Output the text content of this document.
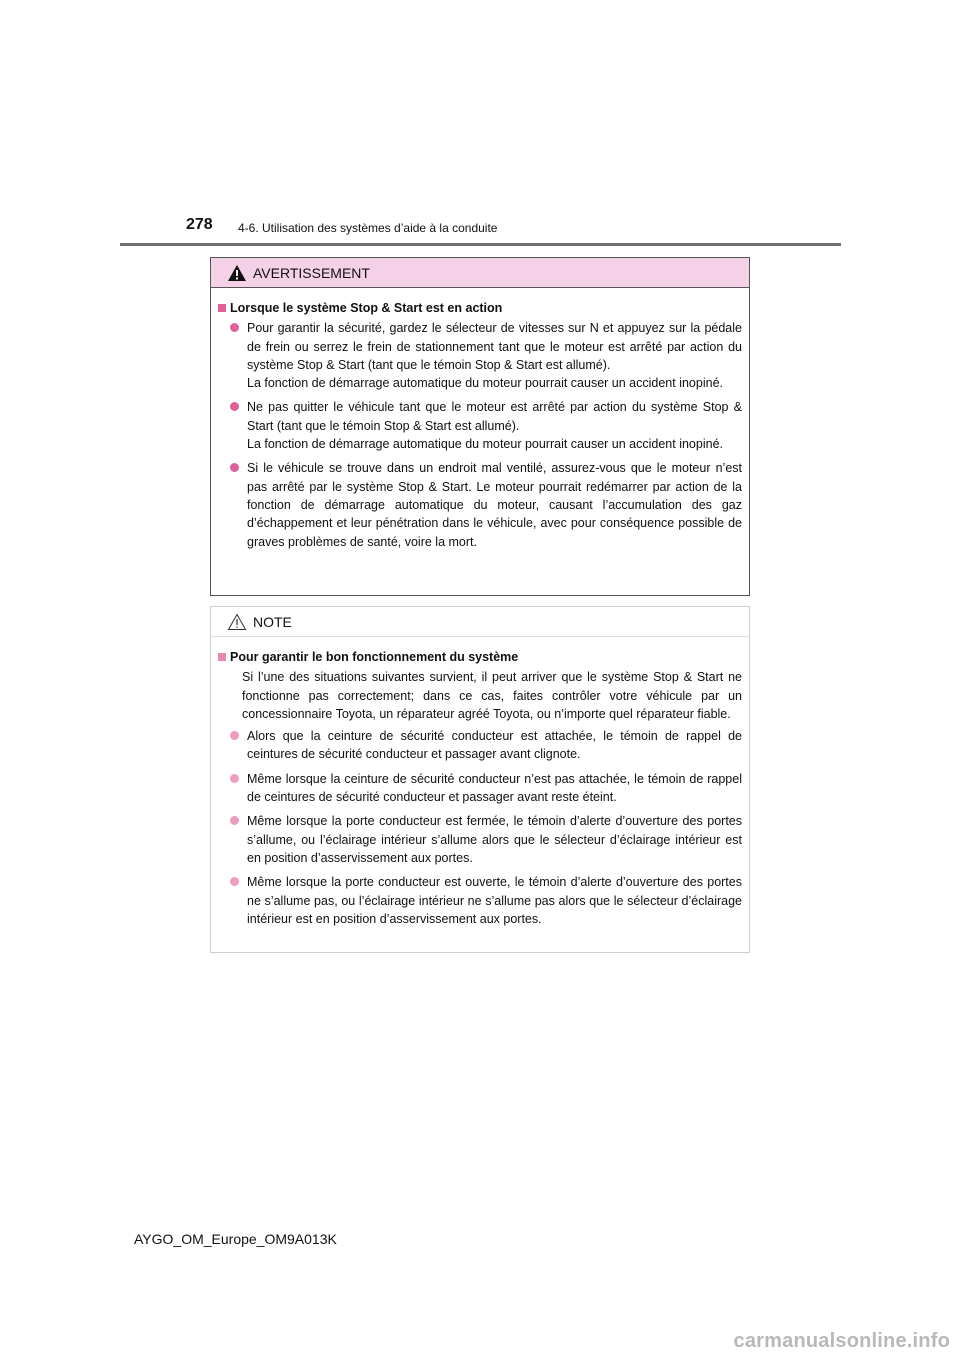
278 4-6. Utilisation des systèmes d’aide à la conduite
AVERTISSEMENT
Lorsque le système Stop & Start est en action
Pour garantir la sécurité, gardez le sélecteur de vitesses sur N et appuyez sur la pédale de frein ou serrez le frein de stationnement tant que le moteur est arrêté par action du système Stop & Start (tant que le témoin Stop & Start est allumé).
La fonction de démarrage automatique du moteur pourrait causer un accident inopiné.
Ne pas quitter le véhicule tant que le moteur est arrêté par action du système Stop & Start (tant que le témoin Stop & Start est allumé).
La fonction de démarrage automatique du moteur pourrait causer un accident inopiné.
Si le véhicule se trouve dans un endroit mal ventilé, assurez-vous que le moteur n’est pas arrêté par le système Stop & Start. Le moteur pourrait redémarrer par action de la fonction de démarrage automatique du moteur, causant l’accumulation des gaz d’échappement et leur pénétration dans le véhicule, avec pour conséquence possible de graves problèmes de santé, voire la mort.
NOTE
Pour garantir le bon fonctionnement du système
Si l’une des situations suivantes survient, il peut arriver que le système Stop & Start ne fonctionne pas correctement; dans ce cas, faites contrôler votre véhicule par un concessionnaire Toyota, un réparateur agréé Toyota, ou n’importe quel réparateur fiable.
Alors que la ceinture de sécurité conducteur est attachée, le témoin de rappel de ceintures de sécurité conducteur et passager avant clignote.
Même lorsque la ceinture de sécurité conducteur n’est pas attachée, le témoin de rappel de ceintures de sécurité conducteur et passager avant reste éteint.
Même lorsque la porte conducteur est fermée, le témoin d’alerte d’ouverture des portes s’allume, ou l’éclairage intérieur s’allume alors que le sélecteur d’éclairage intérieur est en position d’asservissement aux portes.
Même lorsque la porte conducteur est ouverte, le témoin d’alerte d’ouverture des portes ne s’allume pas, ou l’éclairage intérieur ne s’allume pas alors que le sélecteur d’éclairage intérieur est en position d’asservissement aux portes.
AYGO_OM_Europe_OM9A013K
carmanualsonline.info
